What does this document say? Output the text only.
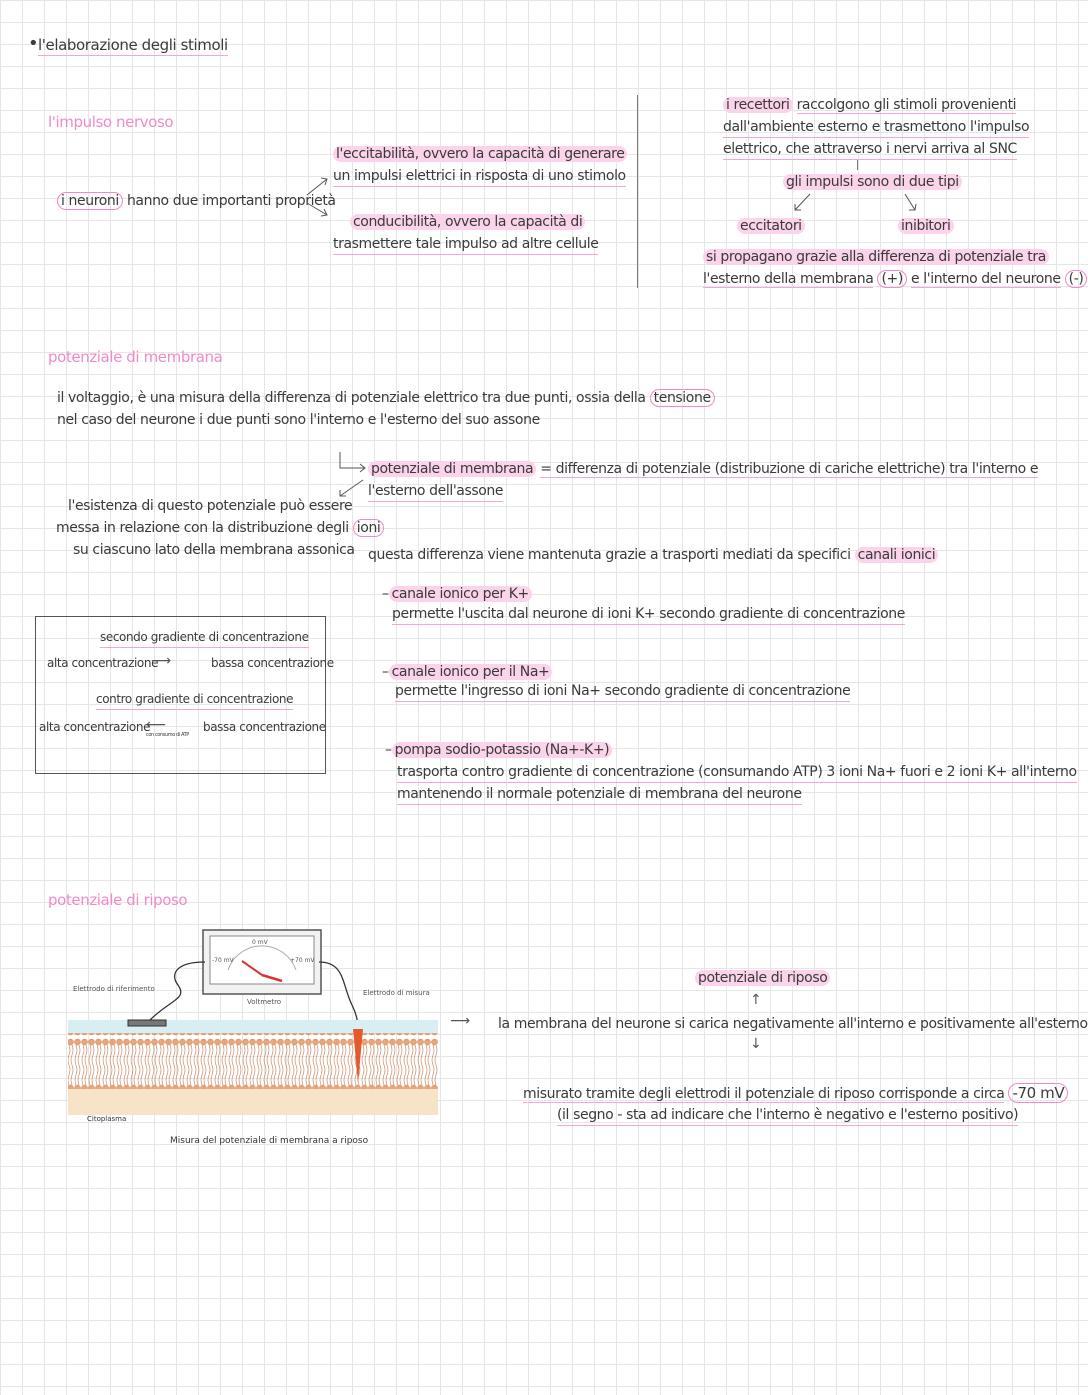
• l'elaborazione degli stimoli
l'impulso nervoso
i neuroni hanno due importanti proprietà
l'eccitabilità, ovvero la capacità di generare
un impulsi elettrici in risposta di uno stimolo
conducibilità, ovvero la capacità di
trasmettere tale impulso ad altre cellule
i recettori raccolgono gli stimoli provenienti
dall'ambiente esterno e trasmettono l'impulso
elettrico, che attraverso i nervi arriva al SNC
gli impulsi sono di due tipi
eccitatori	inibitori
si propagano grazie alla differenza di potenziale tra
l'esterno della membrana (+) e l'interno del neurone (-)
potenziale di membrana
il voltaggio, è una misura della differenza di potenziale elettrico tra due punti, ossia della tensione
nel caso del neurone i due punti sono l'interno e l'esterno del suo assone
potenziale di membrana = differenza di potenziale (distribuzione di cariche elettriche) tra l'interno e
l'esterno dell'assone
l'esistenza di questo potenziale può essere
messa in relazione con la distribuzione degli ioni
su ciascuno lato della membrana assonica questa differenza viene mantenuta grazie a trasporti mediati da specifici canali ionici
– canale ionico per K+
permette l'uscita dal neurone di ioni K+ secondo gradiente di concentrazione
– canale ionico per il Na+
permette l'ingresso di ioni Na+ secondo gradiente di concentrazione
– pompa sodio-potassio (Na+-K+)
trasporta contro gradiente di concentrazione (consumando ATP) 3 ioni Na+ fuori e 2 ioni K+ all'interno
mantenendo il normale potenziale di membrana del neurone
secondo gradiente di concentrazione
alta concentrazione
⟶	bassa concentrazione
contro gradiente di concentrazione
alta concentrazione
⟵	bassa concentrazione
con consumo di ATP
potenziale di riposo
0 mV
-70 mV	+70 mV
Voltmetro
Elettrodo di riferimento	Elettrodo di misura
Citoplasma
Misura del potenziale di membrana a riposo
⟶
potenziale di riposo
↑
la membrana del neurone si carica negativamente all'interno e positivamente all'esterno
↓
misurato tramite degli elettrodi il potenziale di riposo corrisponde a circa -70 mV
(il segno - sta ad indicare che l'interno è negativo e l'esterno positivo)
